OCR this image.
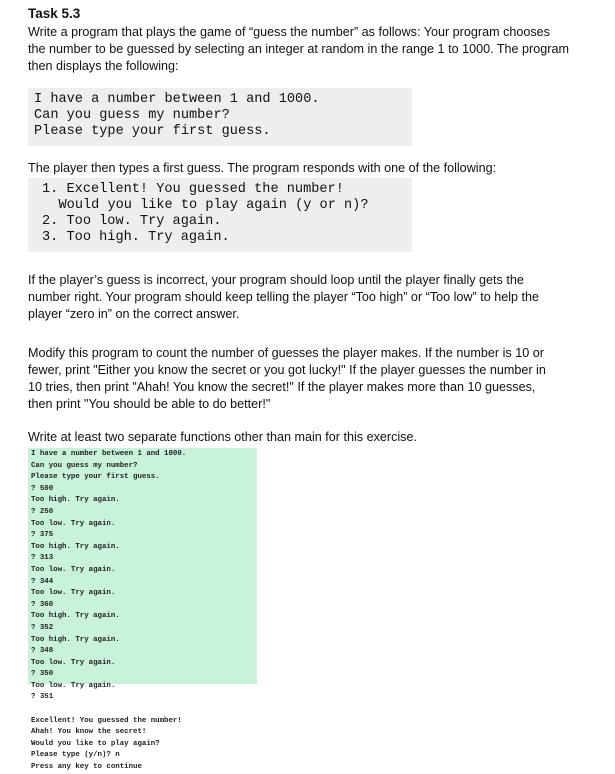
Task 5.3
Write a program that plays the game of “guess the number” as follows: Your program chooses
the number to be guessed by selecting an integer at random in the range 1 to 1000. The program
then displays the following:
I have a number between 1 and 1000.
Can you guess my number?
Please type your first guess.
The player then types a first guess. The program responds with one of the following:
1. Excellent! You guessed the number!
Would you like to play again (y or n)?
2. Too low. Try again.
3. Too high. Try again.
If the player’s guess is incorrect, your program should loop until the player finally gets the
number right. Your program should keep telling the player “Too high” or “Too low” to help the
player “zero in” on the correct answer.
Modify this program to count the number of guesses the player makes. If the number is 10 or
fewer, print "Either you know the secret or you got lucky!" If the player guesses the number in
10 tries, then print "Ahah! You know the secret!" If the player makes more than 10 guesses,
then print "You should be able to do better!"
Write at least two separate functions other than main for this exercise.
I have a number between 1 and 1000.
Can you guess my number?
Please type your first guess.
? 500
Too high. Try again.
? 250
Too low. Try again.
? 375
Too high. Try again.
? 313
Too low. Try again.
? 344
Too low. Try again.
? 360
Too high. Try again.
? 352
Too high. Try again.
? 348
Too low. Try again.
? 350
Too low. Try again.
? 351
Excellent! You guessed the number!
Ahah! You know the secret!
Would you like to play again?
Please type (y/n)? n
Press any key to continue
